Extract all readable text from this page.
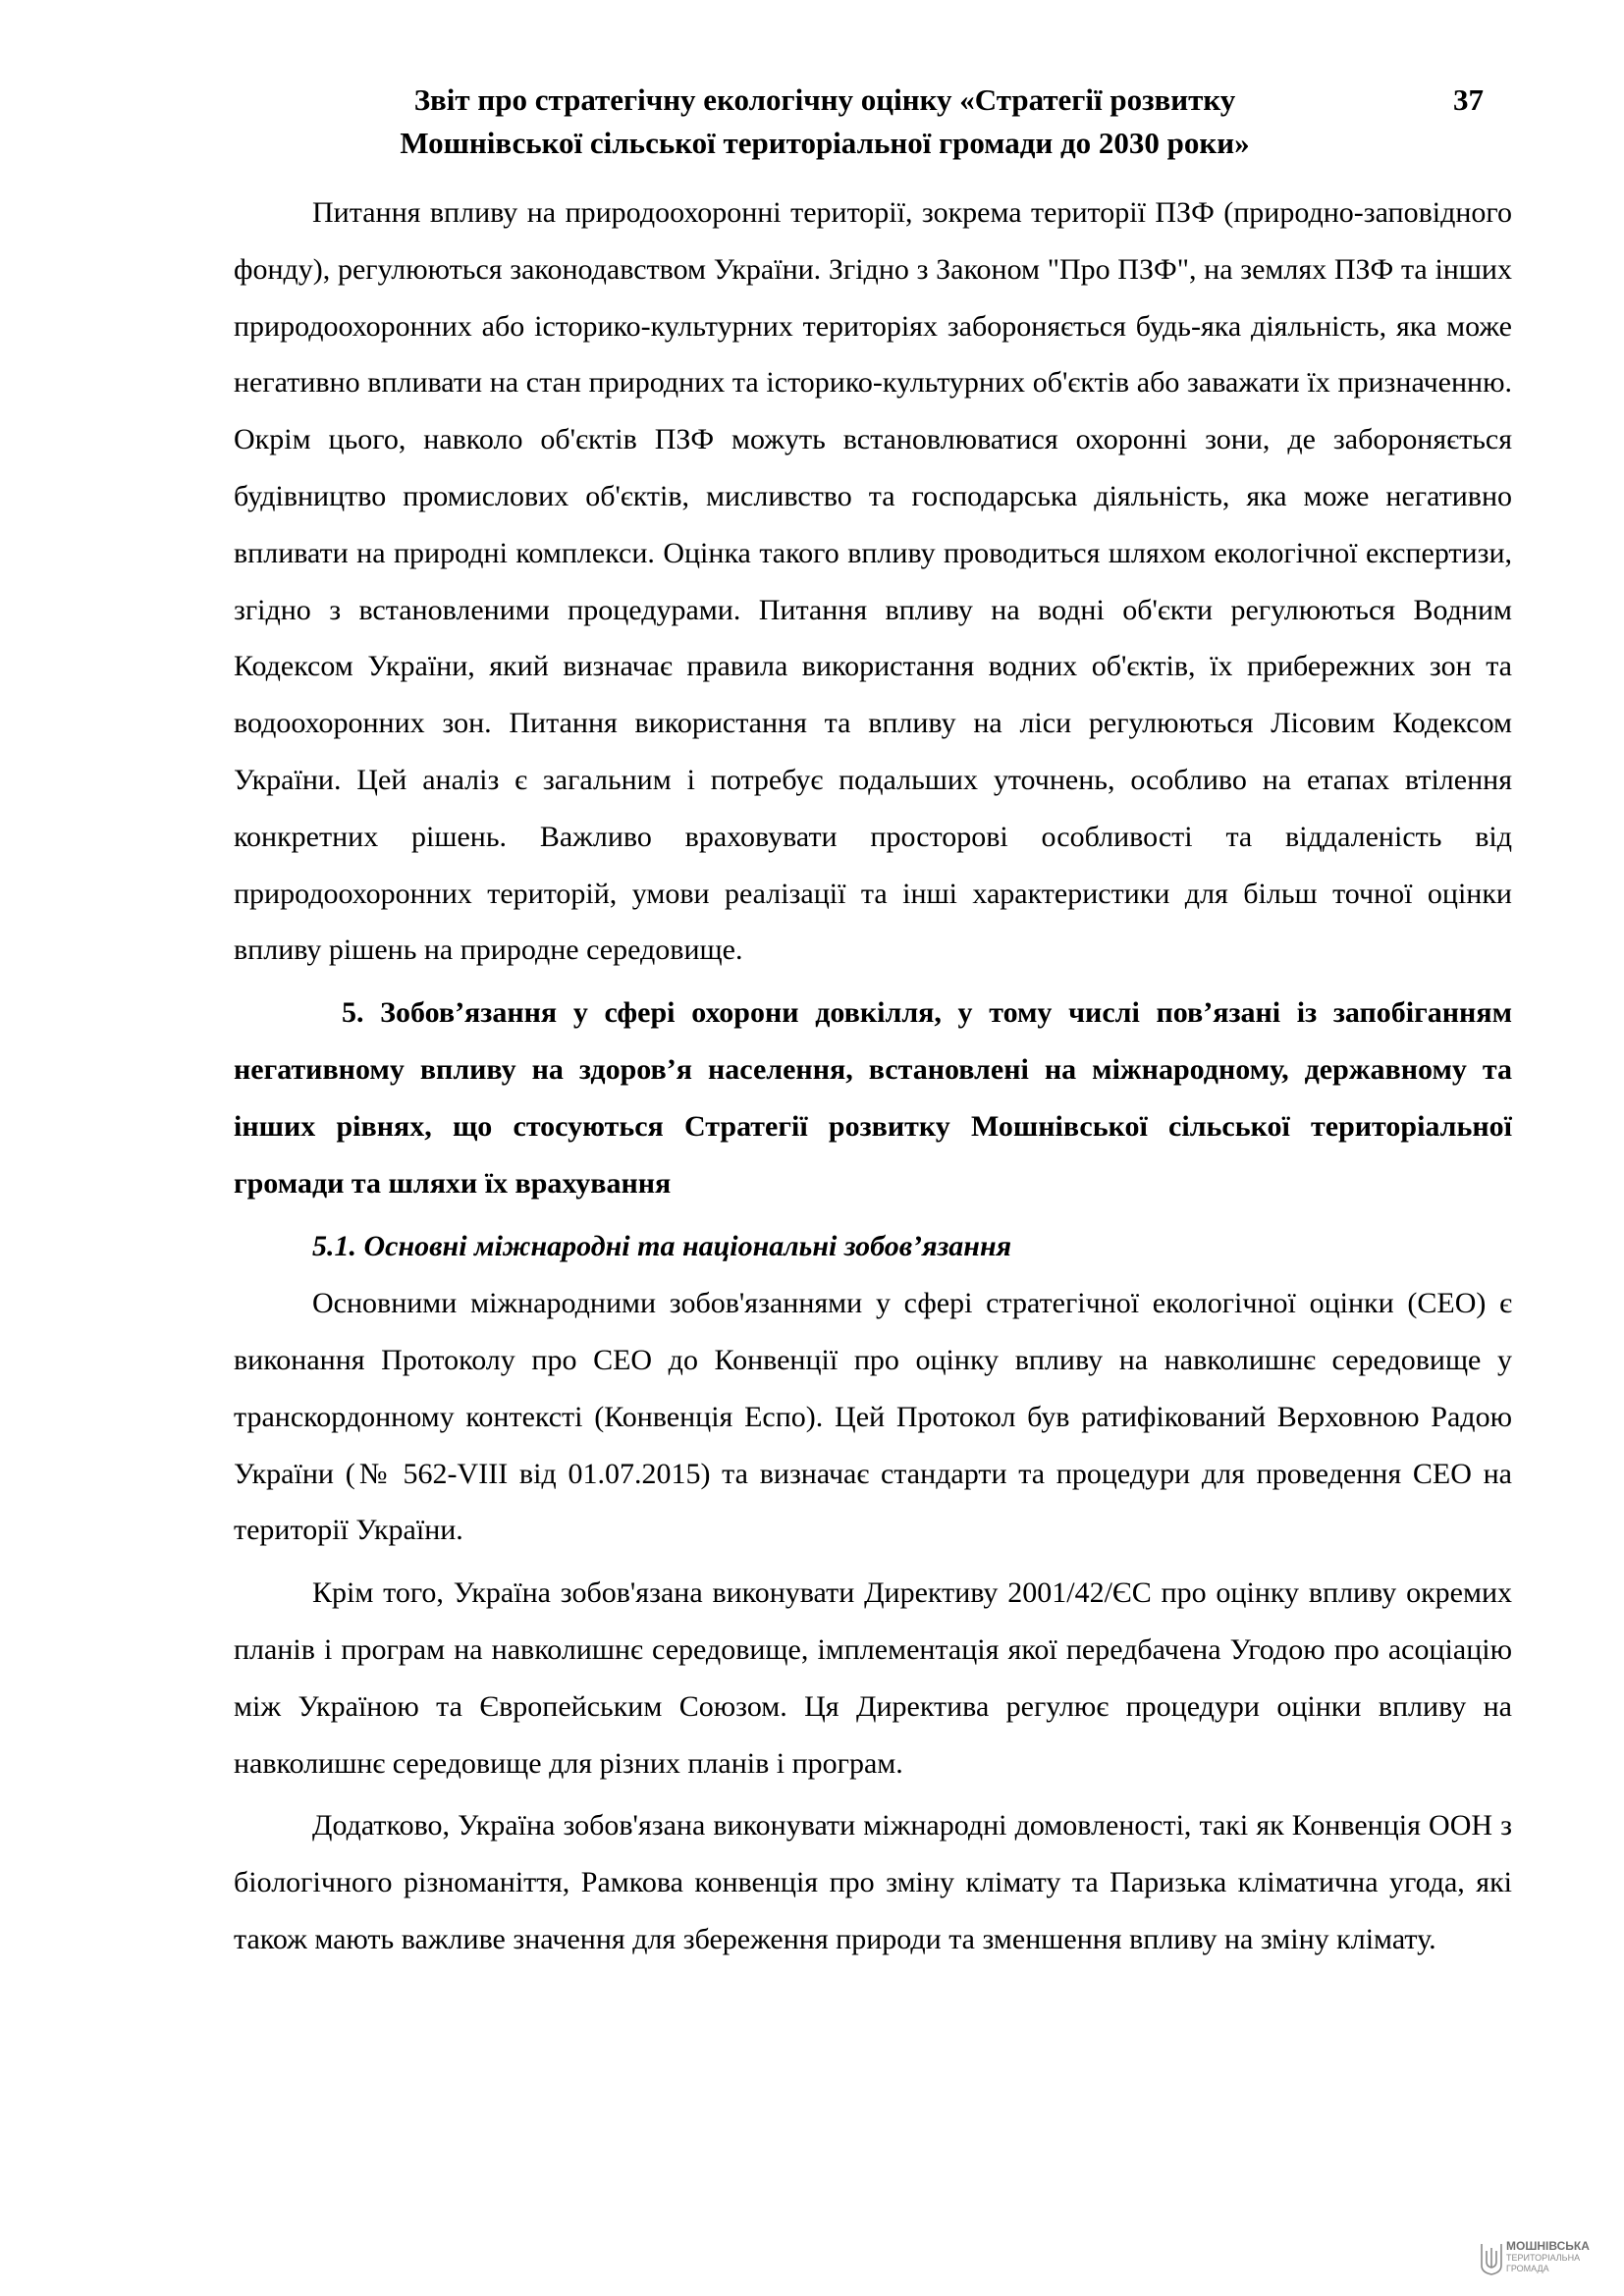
Звіт про стратегічну екологічну оцінку «Стратегії розвитку
Мошнівської сільської територіальної громади до 2030 роки»
37

Питання впливу на природоохоронні території, зокрема території ПЗФ (природно-заповідного фонду), регулюються законодавством України. Згідно з Законом "Про ПЗФ", на землях ПЗФ та інших природоохоронних або історико-культурних територіях забороняється будь-яка діяльність, яка може негативно впливати на стан природних та історико-культурних об'єктів або заважати їх призначенню. Окрім цього, навколо об'єктів ПЗФ можуть встановлюватися охоронні зони, де забороняється будівництво промислових об'єктів, мисливство та господарська діяльність, яка може негативно впливати на природні комплекси. Оцінка такого впливу проводиться шляхом екологічної експертизи, згідно з встановленими процедурами. Питання впливу на водні об'єкти регулюються Водним Кодексом України, який визначає правила використання водних об'єктів, їх прибережних зон та водоохоронних зон. Питання використання та впливу на ліси регулюються Лісовим Кодексом України. Цей аналіз є загальним і потребує подальших уточнень, особливо на етапах втілення конкретних рішень. Важливо враховувати просторові особливості та віддаленість від природоохоронних територій, умови реалізації та інші характеристики для більш точної оцінки впливу рішень на природне середовище.

5. Зобов’язання у сфері охорони довкілля, у тому числі пов’язані із запобіганням негативному впливу на здоров’я населення, встановлені на міжнародному, державному та інших рівнях, що стосуються Стратегії розвитку Мошнівської сільської територіальної громади та шляхи їх врахування

5.1. Основні міжнародні та національні зобов’язання

Основними міжнародними зобов'язаннями у сфері стратегічної екологічної оцінки (СЕО) є виконання Протоколу про СЕО до Конвенції про оцінку впливу на навколишнє середовище у транскордонному контексті (Конвенція Еспо). Цей Протокол був ратифікований Верховною Радою України (№ 562-VIII від 01.07.2015) та визначає стандарти та процедури для проведення СЕО на території України.

Крім того, Україна зобов'язана виконувати Директиву 2001/42/ЄС про оцінку впливу окремих планів і програм на навколишнє середовище, імплементація якої передбачена Угодою про асоціацію між Україною та Європейським Союзом. Ця Директива регулює процедури оцінки впливу на навколишнє середовище для різних планів і програм.

Додатково, Україна зобов'язана виконувати міжнародні домовленості, такі як Конвенція ООН з біологічного різноманіття, Рамкова конвенція про зміну клімату та Паризька кліматична угода, які також мають важливе значення для збереження природи та зменшення впливу на зміну клімату.

МОШНІВСЬКА
ТЕРИТОРІАЛЬНА
ГРОМАДА
